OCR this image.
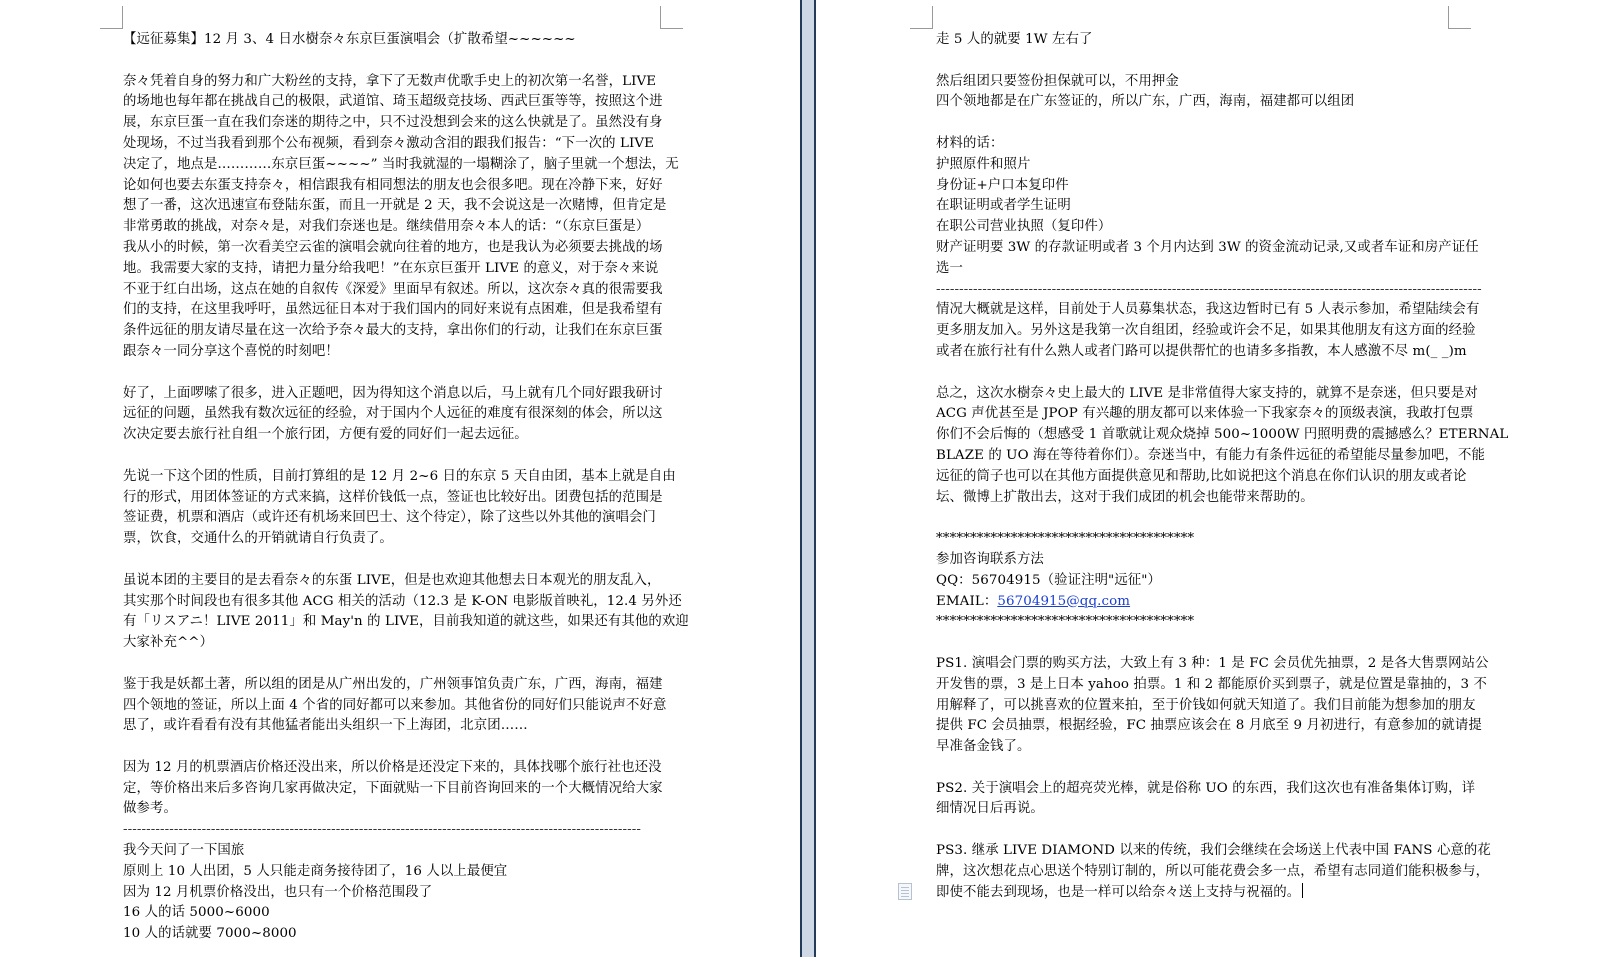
【远征募集】12 月 3、4 日水樹奈々东京巨蛋演唱会（扩散希望~~~~~~
奈々凭着自身的努力和广大粉丝的支持，拿下了无数声优歌手史上的初次第一名誉，LIVE
的场地也每年都在挑战自己的极限，武道馆、琦玉超级竞技场、西武巨蛋等等，按照这个进
展，东京巨蛋一直在我们奈迷的期待之中，只不过没想到会来的这么快就是了。虽然没有身
处现场，不过当我看到那个公布视频，看到奈々激动含泪的跟我们报告：“下一次的 LIVE
决定了，地点是…………东京巨蛋~~~~” 当时我就湿的一塌糊涂了，脑子里就一个想法，无
论如何也要去东蛋支持奈々，相信跟我有相同想法的朋友也会很多吧。现在冷静下来，好好
想了一番，这次迅速宣布登陆东蛋，而且一开就是 2 天，我不会说这是一次赌博，但肯定是
非常勇敢的挑战，对奈々是，对我们奈迷也是。继续借用奈々本人的话：“（东京巨蛋是）
我从小的时候，第一次看美空云雀的演唱会就向往着的地方，也是我认为必须要去挑战的场
地。我需要大家的支持，请把力量分给我吧！”在东京巨蛋开 LIVE 的意义，对于奈々来说
不亚于红白出场，这点在她的自叙传《深爱》里面早有叙述。所以，这次奈々真的很需要我
们的支持，在这里我呼吁，虽然远征日本对于我们国内的同好来说有点困难，但是我希望有
条件远征的朋友请尽量在这一次给予奈々最大的支持，拿出你们的行动，让我们在东京巨蛋
跟奈々一同分享这个喜悦的时刻吧！
好了，上面啰嗦了很多，进入正题吧，因为得知这个消息以后，马上就有几个同好跟我研讨
远征的问题，虽然我有数次远征的经验，对于国内个人远征的难度有很深刻的体会，所以这
次决定要去旅行社自组一个旅行团，方便有爱的同好们一起去远征。
先说一下这个团的性质，目前打算组的是 12 月 2~6 日的东京 5 天自由团，基本上就是自由
行的形式，用团体签证的方式来搞，这样价钱低一点，签证也比较好出。团费包括的范围是
签证费，机票和酒店（或许还有机场来回巴士、这个待定），除了这些以外其他的演唱会门
票，饮食，交通什么的开销就请自行负责了。
虽说本团的主要目的是去看奈々的东蛋 LIVE，但是也欢迎其他想去日本观光的朋友乱入，
其实那个时间段也有很多其他 ACG 相关的活动（12.3 是 K-ON 电影版首映礼，12.4 另外还
有「リスアニ！LIVE 2011」和 May'n 的 LIVE，目前我知道的就这些，如果还有其他的欢迎
大家补充^^）
鉴于我是妖都土著，所以组的团是从广州出发的，广州领事馆负责广东，广西，海南，福建
四个领地的签证，所以上面 4 个省的同好都可以来参加。其他省份的同好们只能说声不好意
思了，或许看看有没有其他猛者能出头组织一下上海团，北京团……
因为 12 月的机票酒店价格还没出来，所以价格是还没定下来的，具体找哪个旅行社也还没
定，等价格出来后多咨询几家再做决定，下面就贴一下目前咨询回来的一个大概情况给大家
做参考。
----------------------------------------------------------------------------------------------------------------
我今天问了一下国旅
原则上 10 人出团，5 人只能走商务接待团了，16 人以上最便宜
因为 12 月机票价格没出，也只有一个价格范围段了
16 人的话 5000~6000
10 人的话就要 7000~8000
走 5 人的就要 1W 左右了
然后组团只要签份担保就可以，不用押金
四个领地都是在广东签证的，所以广东，广西，海南，福建都可以组团
材料的话：
护照原件和照片
身份证+户口本复印件
在职证明或者学生证明
在职公司营业执照（复印件）
财产证明要 3W 的存款证明或者 3 个月内达到 3W 的资金流动记录,又或者车证和房产证任
选一
----------------------------------------------------------------------------------------------------------------------
情况大概就是这样，目前处于人员募集状态，我这边暂时已有 5 人表示参加，希望陆续会有
更多朋友加入。另外这是我第一次自组团，经验或许会不足，如果其他朋友有这方面的经验
或者在旅行社有什么熟人或者门路可以提供帮忙的也请多多指教，本人感激不尽 m(_ _)m
总之，这次水樹奈々史上最大的 LIVE 是非常值得大家支持的，就算不是奈迷，但只要是对
ACG 声优甚至是 JPOP 有兴趣的朋友都可以来体验一下我家奈々的顶级表演，我敢打包票
你们不会后悔的（想感受 1 首歌就让观众烧掉 500~1000W 円照明费的震撼感么？ETERNAL
BLAZE 的 UO 海在等待着你们）。奈迷当中，有能力有条件远征的希望能尽量参加吧，不能
远征的筒子也可以在其他方面提供意见和帮助,比如说把这个消息在你们认识的朋友或者论
坛、微博上扩散出去，这对于我们成团的机会也能带来帮助的。
**************************************
参加咨询联系方法
QQ：56704915（验证注明"远征"）
EMAIL：56704915@qq.com
**************************************
PS1. 演唱会门票的购买方法，大致上有 3 种：1 是 FC 会员优先抽票，2 是各大售票网站公
开发售的票，3 是上日本 yahoo 拍票。1 和 2 都能原价买到票子，就是位置是靠抽的，3 不
用解释了，可以挑喜欢的位置来拍，至于价钱如何就天知道了。我们目前能为想参加的朋友
提供 FC 会员抽票，根据经验，FC 抽票应该会在 8 月底至 9 月初进行，有意参加的就请提
早准备金钱了。
PS2. 关于演唱会上的超亮荧光棒，就是俗称 UO 的东西，我们这次也有准备集体订购，详
细情况日后再说。
PS3. 继承 LIVE DIAMOND 以来的传统，我们会继续在会场送上代表中国 FANS 心意的花
牌，这次想花点心思送个特别订制的，所以可能花费会多一点，希望有志同道们能积极参与，
即使不能去到现场，也是一样可以给奈々送上支持与祝福的。
